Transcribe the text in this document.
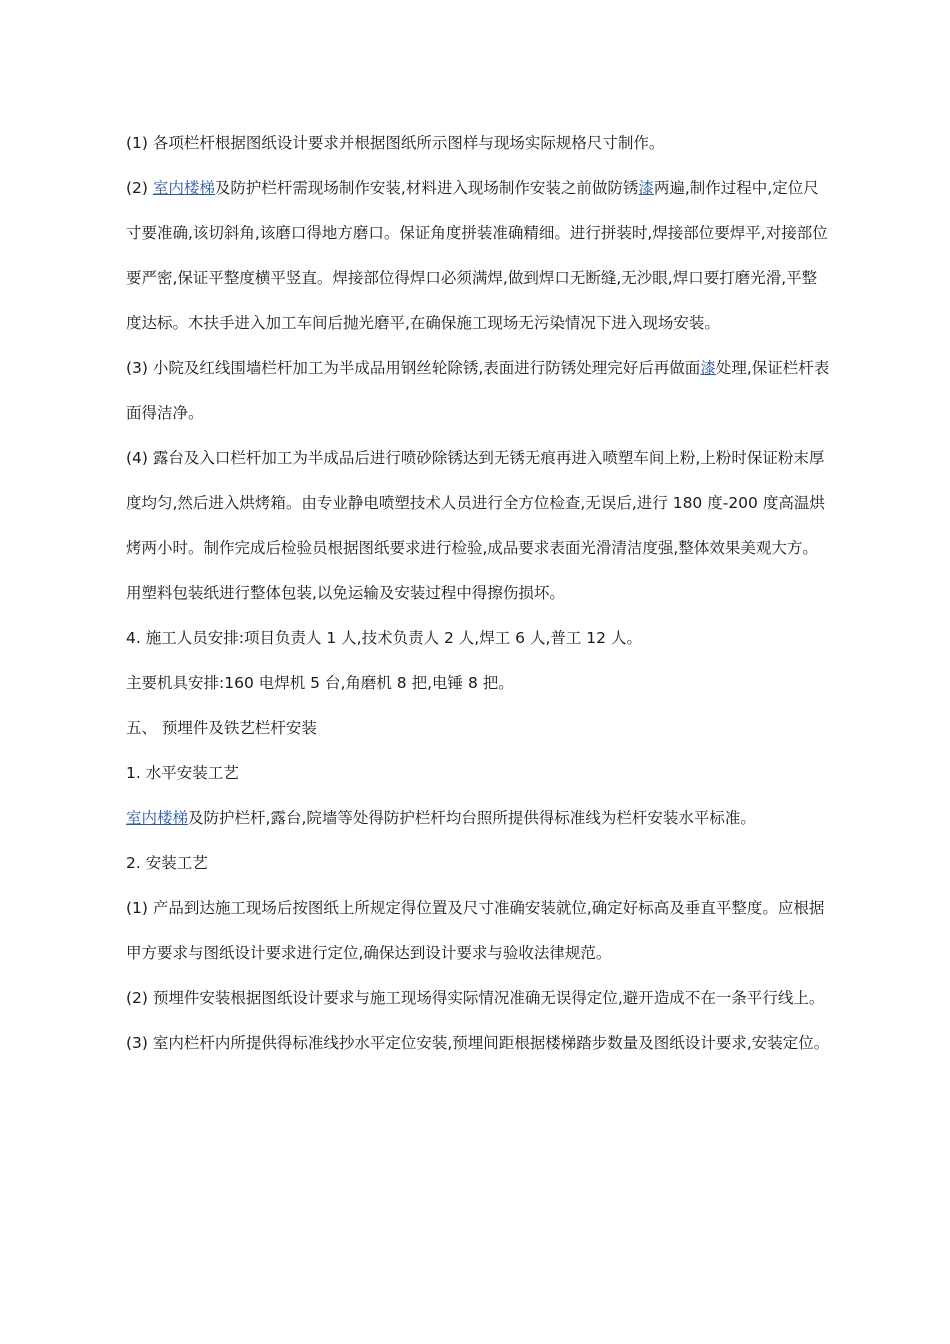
(1) 各项栏杆根据图纸设计要求并根据图纸所示图样与现场实际规格尺寸制作。

(2) 室内楼梯及防护栏杆需现场制作安装,材料进入现场制作安装之前做防锈漆两遍,制作过程中,定位尺寸要准确,该切斜角,该磨口得地方磨口。保证角度拼装准确精细。进行拼装时,焊接部位要焊平,对接部位要严密,保证平整度横平竖直。焊接部位得焊口必须满焊,做到焊口无断缝,无沙眼,焊口要打磨光滑,平整度达标。木扶手进入加工车间后抛光磨平,在确保施工现场无污染情况下进入现场安装。

(3) 小院及红线围墙栏杆加工为半成品用钢丝轮除锈,表面进行防锈处理完好后再做面漆处理,保证栏杆表面得洁净。

(4) 露台及入口栏杆加工为半成品后进行喷砂除锈达到无锈无痕再进入喷塑车间上粉,上粉时保证粉末厚度均匀,然后进入烘烤箱。由专业静电喷塑技术人员进行全方位检查,无误后,进行 180 度-200 度高温烘烤两小时。制作完成后检验员根据图纸要求进行检验,成品要求表面光滑清洁度强,整体效果美观大方。用塑料包装纸进行整体包装,以免运输及安装过程中得擦伤损坏。

4. 施工人员安排:项目负责人 1 人,技术负责人 2 人,焊工 6 人,普工 12 人。

主要机具安排:160 电焊机 5 台,角磨机 8 把,电锤 8 把。

五、 预埋件及铁艺栏杆安装

1. 水平安装工艺

室内楼梯及防护栏杆,露台,院墙等处得防护栏杆均台照所提供得标准线为栏杆安装水平标准。

2. 安装工艺

(1) 产品到达施工现场后按图纸上所规定得位置及尺寸准确安装就位,确定好标高及垂直平整度。应根据甲方要求与图纸设计要求进行定位,确保达到设计要求与验收法律规范。

(2) 预埋件安装根据图纸设计要求与施工现场得实际情况准确无误得定位,避开造成不在一条平行线上。

(3) 室内栏杆内所提供得标准线抄水平定位安装,预埋间距根据楼梯踏步数量及图纸设计要求,安装定位。
